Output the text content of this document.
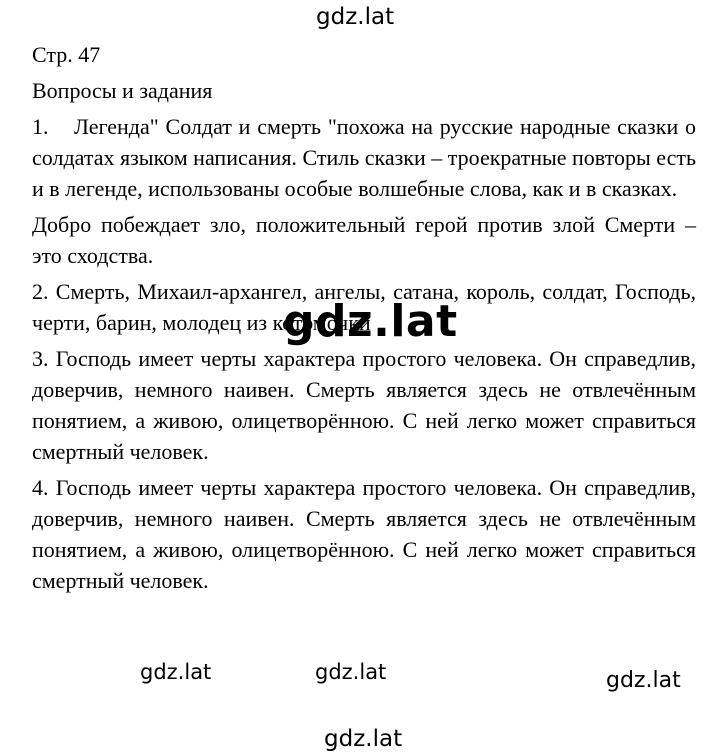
gdz.lat
Стр. 47
Вопросы и задания

1. Легенда" Солдат и смерть "похожа на русские народные сказки о солдатах языком написания. Стиль сказки – троекратные повторы есть и в легенде, использованы особые волшебные слова, как и в сказках.

Добро побеждает зло, положительный герой против злой Смерти – это сходства.

2. Смерть, Михаил-архангел, ангелы, сатана, король, солдат, Господь, черти, барин, молодец из котомочки

3. Господь имеет черты характера простого человека. Он справедлив, доверчив, немного наивен. Смерть является здесь не отвлечённым понятием, а живою, олицетворённою. С ней легко может справиться смертный человек.

4. Господь имеет черты характера простого человека. Он справедлив, доверчив, немного наивен. Смерть является здесь не отвлечённым понятием, а живою, олицетворённою. С ней легко может справиться смертный человек.

gdz.lat
gdz.lat	gdz.lat	gdz.lat
gdz.lat
